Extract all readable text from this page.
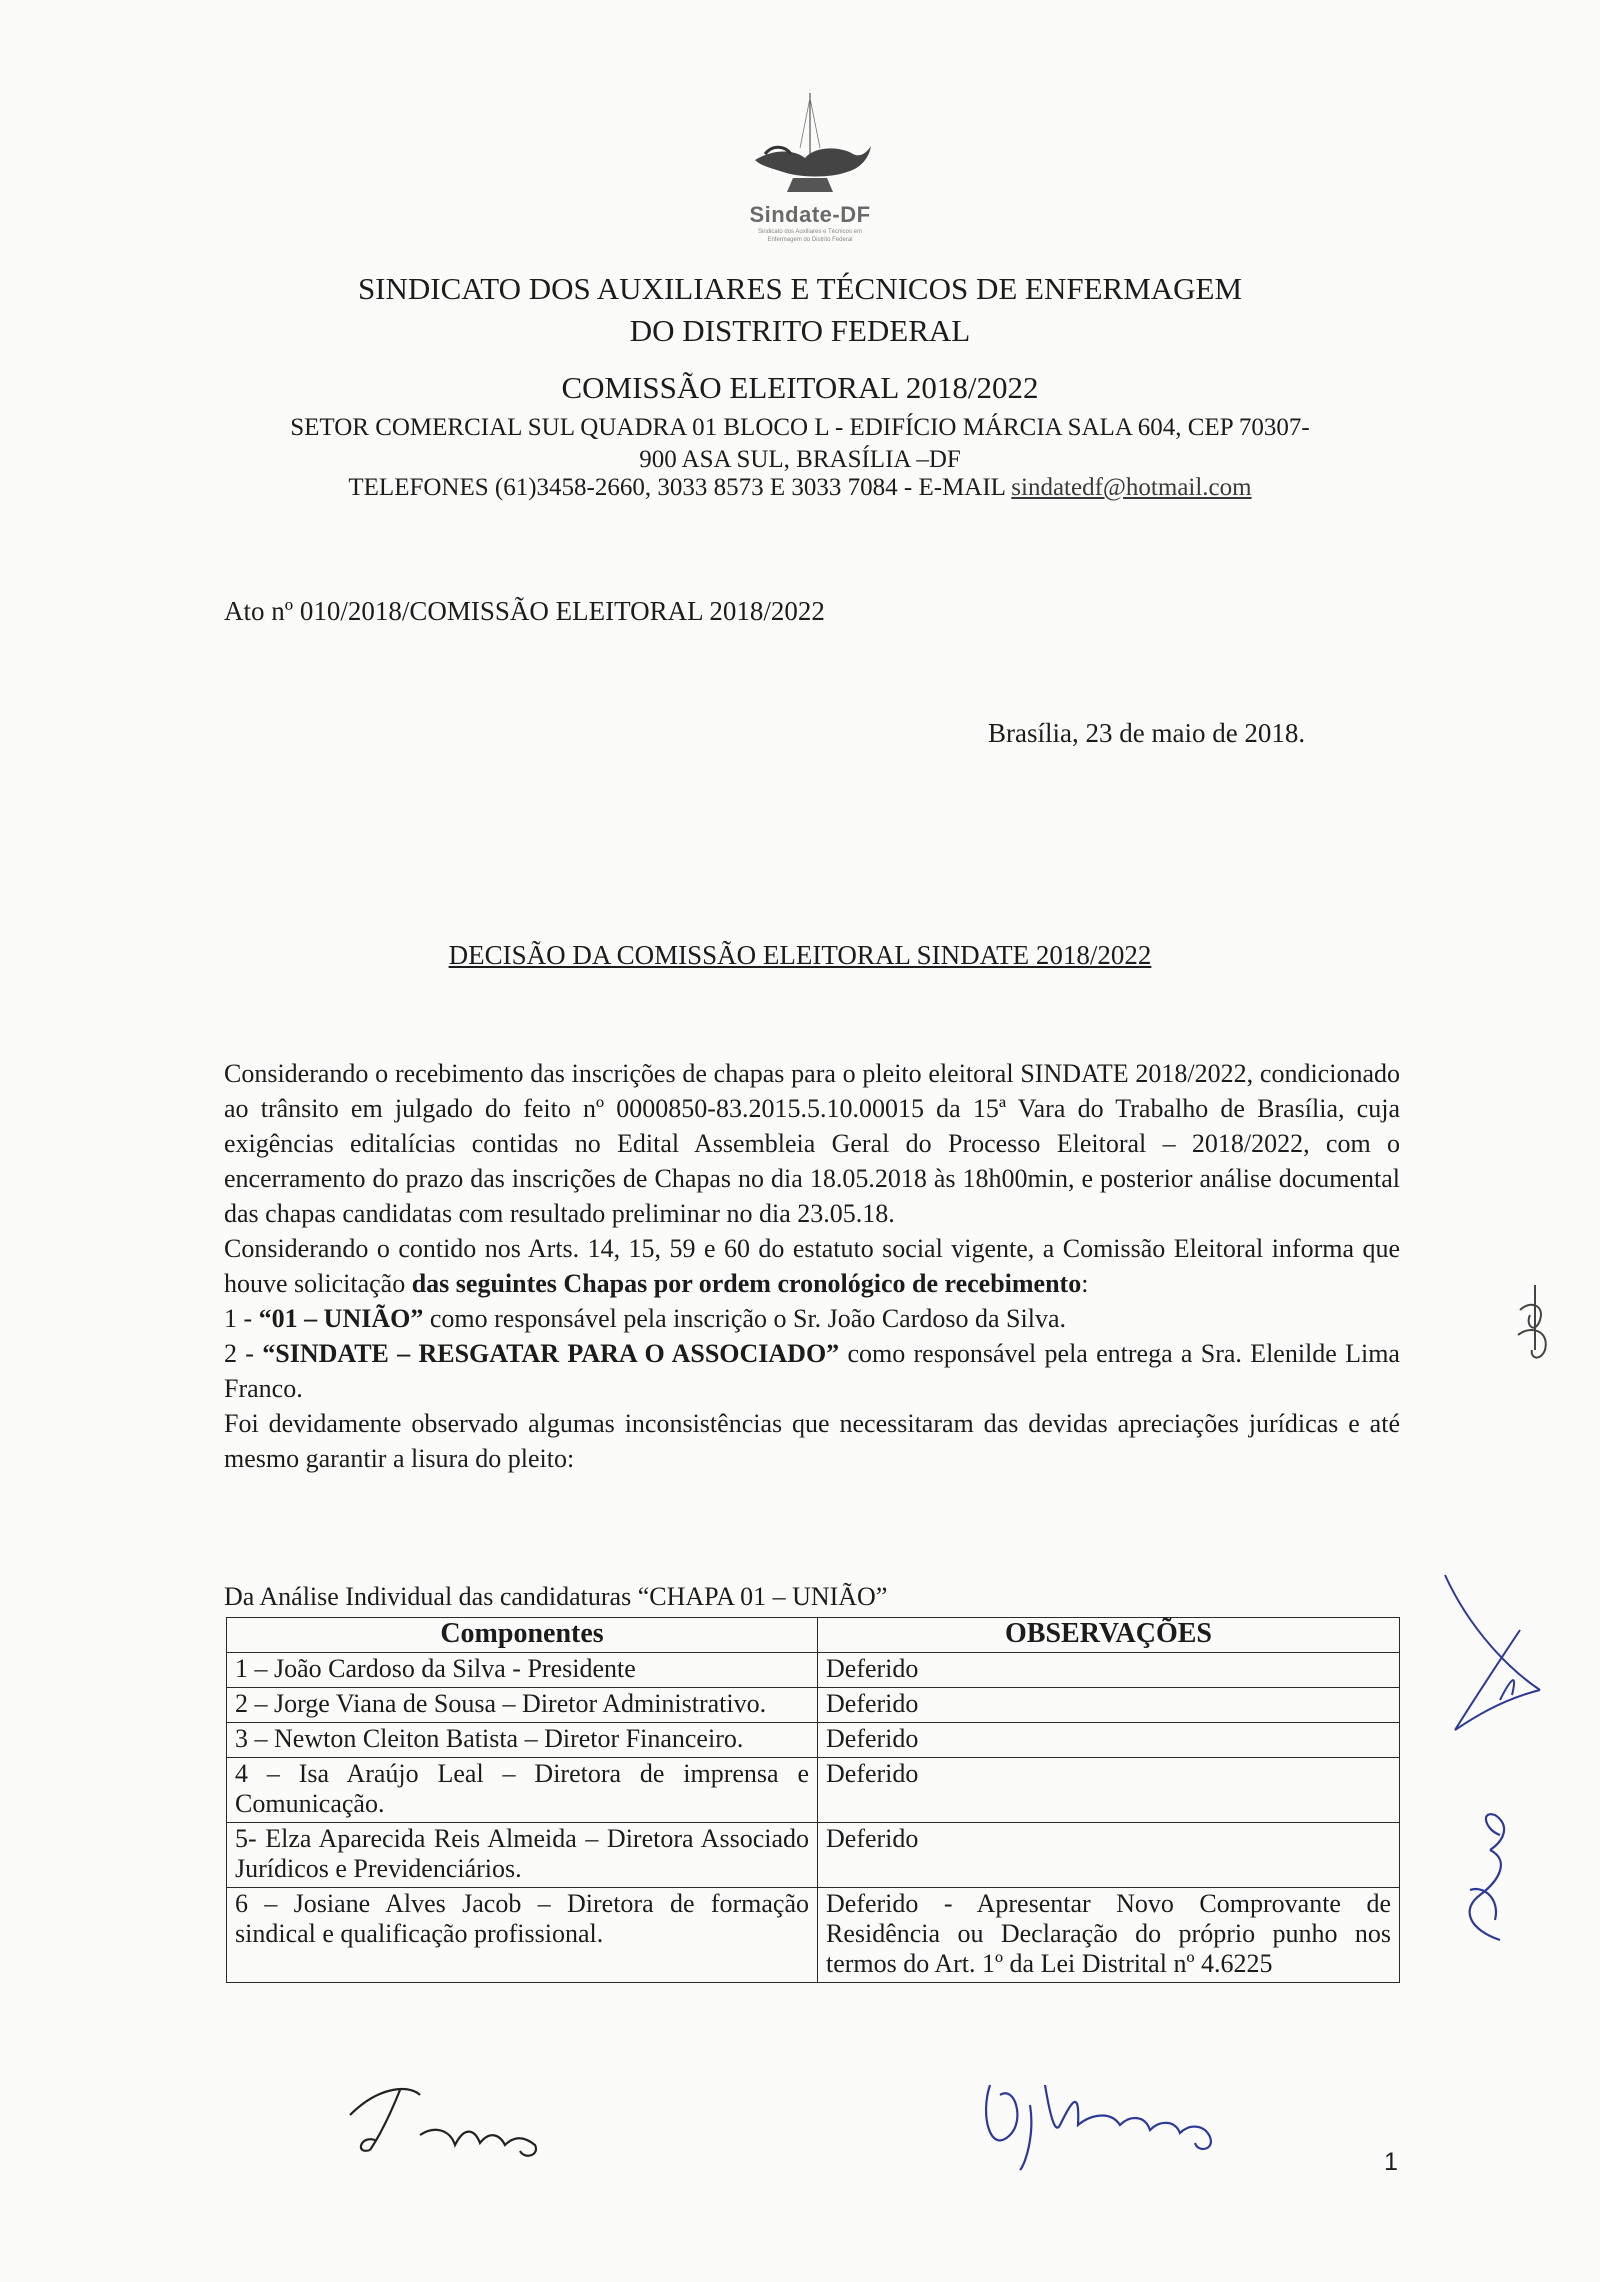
Sindate-DF
Sindicato dos Auxiliares e Técnicos em Enfermagem do Distrito Federal
SINDICATO DOS AUXILIARES E TÉCNICOS DE ENFERMAGEM
DO DISTRITO FEDERAL
COMISSÃO ELEITORAL 2018/2022
SETOR COMERCIAL SUL QUADRA 01 BLOCO L - EDIFÍCIO MÁRCIA SALA 604, CEP 70307-
900 ASA SUL, BRASÍLIA –DF
TELEFONES (61)3458-2660, 3033 8573 E 3033 7084 - E-MAIL sindatedf@hotmail.com
Ato nº 010/2018/COMISSÃO ELEITORAL 2018/2022
Brasília, 23 de maio de 2018.
DECISÃO DA COMISSÃO ELEITORAL SINDATE 2018/2022

Considerando o recebimento das inscrições de chapas para o pleito eleitoral SINDATE 2018/2022, condicionado ao trânsito em julgado do feito nº 0000850-83.2015.5.10.00015 da 15ª Vara do Trabalho de Brasília, cuja exigências editalícias contidas no Edital Assembleia Geral do Processo Eleitoral – 2018/2022, com o encerramento do prazo das inscrições de Chapas no dia 18.05.2018 às 18h00min, e posterior análise documental das chapas candidatas com resultado preliminar no dia 23.05.18.

Considerando o contido nos Arts. 14, 15, 59 e 60 do estatuto social vigente, a Comissão Eleitoral informa que houve solicitação das seguintes Chapas por ordem cronológico de recebimento:

1 - “01 – UNIÃO” como responsável pela inscrição o Sr. João Cardoso da Silva.

2 - “SINDATE – RESGATAR PARA O ASSOCIADO” como responsável pela entrega a Sra. Elenilde Lima Franco.

Foi devidamente observado algumas inconsistências que necessitaram das devidas apreciações jurídicas e até mesmo garantir a lisura do pleito:

Da Análise Individual das candidaturas “CHAPA 01 – UNIÃO”
Componentes	OBSERVAÇÕES
1 – João Cardoso da Silva - Presidente	Deferido
2 – Jorge Viana de Sousa – Diretor Administrativo.	Deferido
3 – Newton Cleiton Batista – Diretor Financeiro.	Deferido
4 – Isa Araújo Leal – Diretora de imprensa e Comunicação.	Deferido
5- Elza Aparecida Reis Almeida – Diretora Associado Jurídicos e Previdenciários.	Deferido
6 – Josiane Alves Jacob – Diretora de formação sindical e qualificação profissional.	Deferido - Apresentar Novo Comprovante de Residência ou Declaração do próprio punho nos termos do Art. 1º da Lei Distrital nº 4.6225
1
